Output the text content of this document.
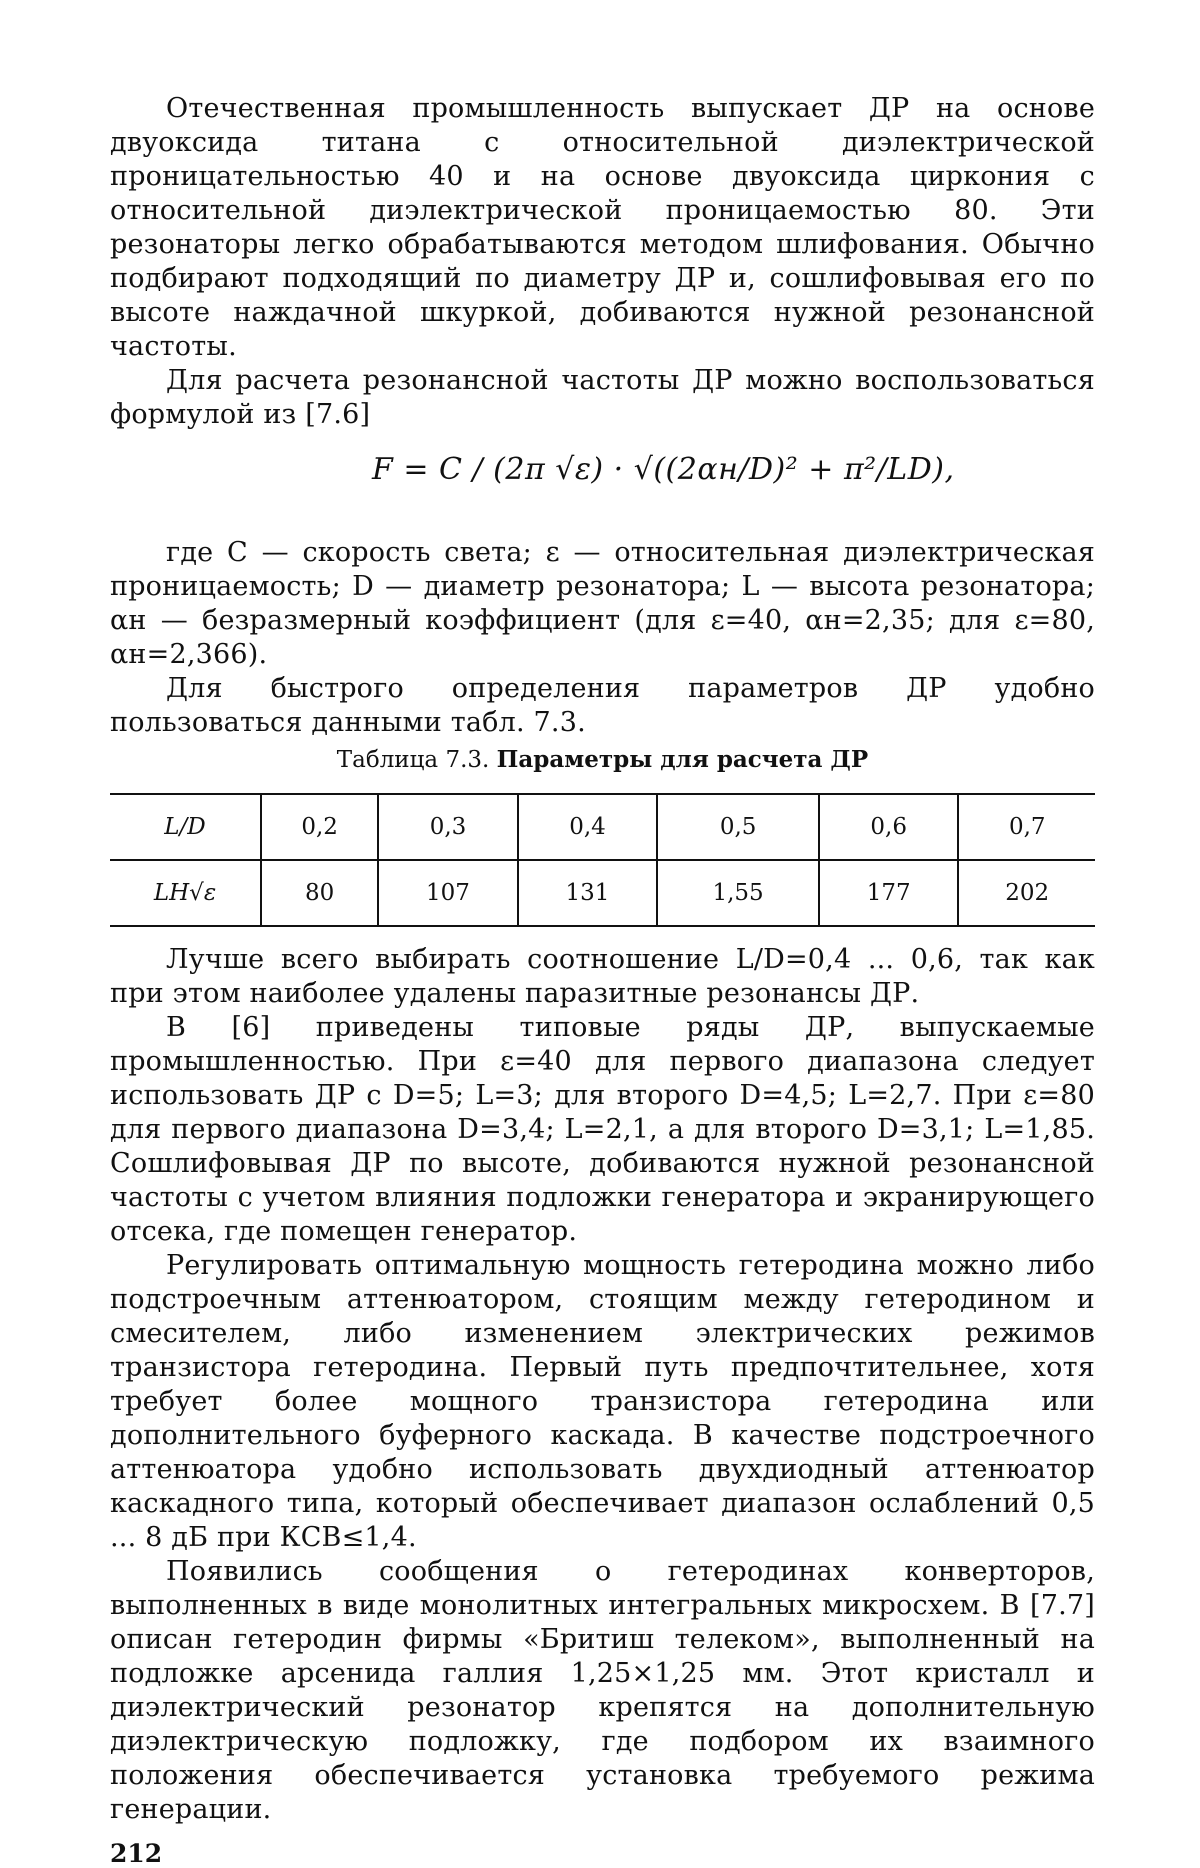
Отечественная промышленность выпускает ДР на основе двуоксида титана с относительной диэлектрической проницательностью 40 и на основе двуоксида циркония с относительной диэлектрической проницаемостью 80. Эти резонаторы легко обрабатываются методом шлифования. Обычно подбирают подходящий по диаметру ДР и, сошлифовывая его по высоте наждачной шкуркой, добиваются нужной резонансной частоты.

Для расчета резонансной частоты ДР можно воспользоваться формулой из [7.6]

F = C / (2π √ε) · √((2αн/D)² + π²/LD),

где C — скорость света; ε — относительная диэлектрическая проницаемость; D — диаметр резонатора; L — высота резонатора; αн — безразмерный коэффициент (для ε=40, αн=2,35; для ε=80, αн=2,366).

Для быстрого определения параметров ДР удобно пользоваться данными табл. 7.3.

Таблица 7.3. Параметры для расчета ДР
L/D	0,2	0,3	0,4	0,5	0,6	0,7
LH√ε	80	107	131	1,55	177	202

Лучше всего выбирать соотношение L/D=0,4 ... 0,6, так как при этом наиболее удалены паразитные резонансы ДР.

В [6] приведены типовые ряды ДР, выпускаемые промышленностью. При ε=40 для первого диапазона следует использовать ДР с D=5; L=3; для второго D=4,5; L=2,7. При ε=80 для первого диапазона D=3,4; L=2,1, а для второго D=3,1; L=1,85. Сошлифовывая ДР по высоте, добиваются нужной резонансной частоты с учетом влияния подложки генератора и экранирующего отсека, где помещен генератор.

Регулировать оптимальную мощность гетеродина можно либо подстроечным аттенюатором, стоящим между гетеродином и смесителем, либо изменением электрических режимов транзистора гетеродина. Первый путь предпочтительнее, хотя требует более мощного транзистора гетеродина или дополнительного буферного каскада. В качестве подстроечного аттенюатора удобно использовать двухдиодный аттенюатор каскадного типа, который обеспечивает диапазон ослаблений 0,5 ... 8 дБ при КСВ≤1,4.

Появились сообщения о гетеродинах конверторов, выполненных в виде монолитных интегральных микросхем. В [7.7] описан гетеродин фирмы «Бритиш телеком», выполненный на подложке арсенида галлия 1,25×1,25 мм. Этот кристалл и диэлектрический резонатор крепятся на дополнительную диэлектрическую подложку, где подбором их взаимного положения обеспечивается установка требуемого режима генерации.

212
